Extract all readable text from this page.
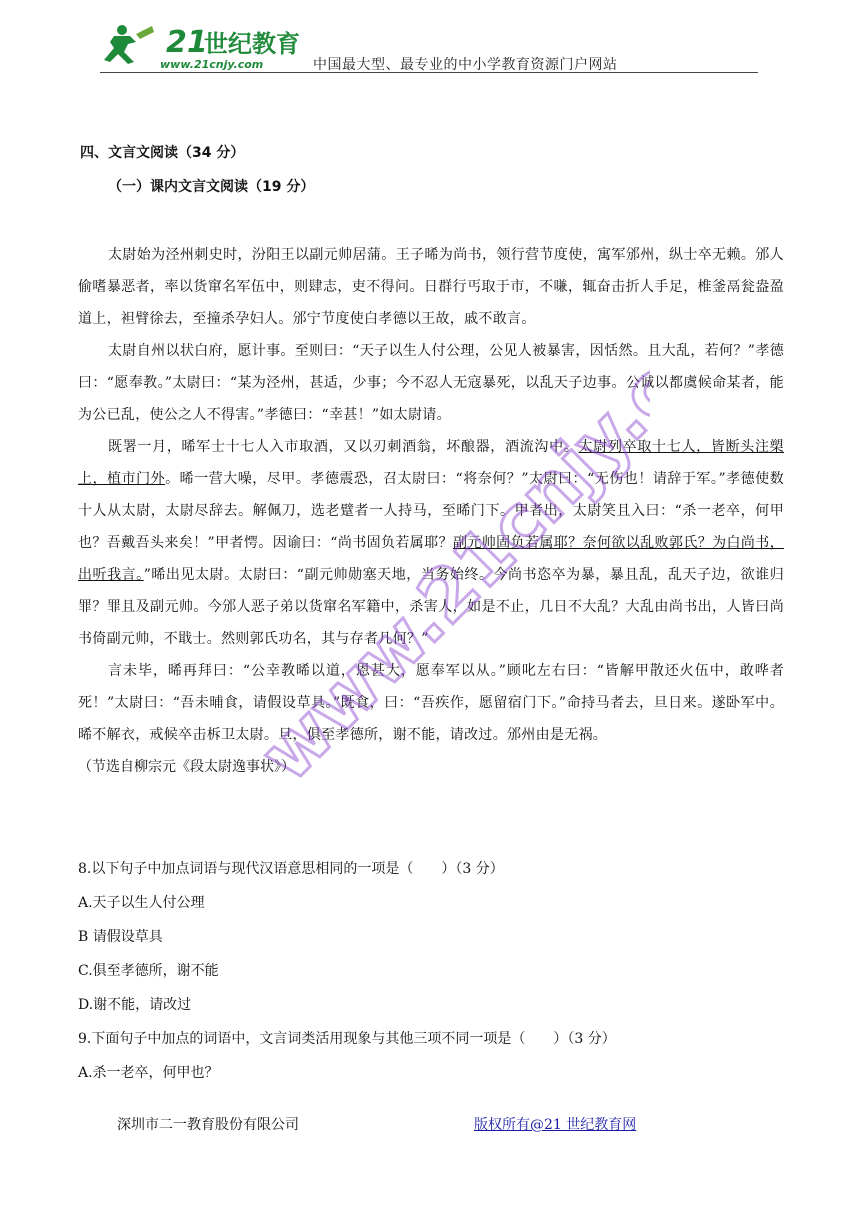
21
世纪教育
www.21cnjy.com	中国最大型、最专业的中小学教育资源门户网站
四、文言文阅读（34 分）
（一）课内文言文阅读（19 分）

太尉始为泾州刺史时，汾阳王以副元帅居蒲。王子晞为尚书，领行营节度使，寓军邠州，纵士卒无赖。邠人偷嗜暴恶者，率以货窜名军伍中，则肆志，吏不得问。日群行丐取于市，不嗛，辄奋击折人手足，椎釜鬲瓮盎盈道上，袒臂徐去，至撞杀孕妇人。邠宁节度使白孝德以王故，戚不敢言。

太尉自州以状白府，愿计事。至则曰：“天子以生人付公理，公见人被暴害，因恬然。且大乱，若何？”孝德曰：“愿奉教。”太尉曰：“某为泾州，甚适，少事；今不忍人无寇暴死，以乱天子边事。公诚以都虞候命某者，能为公已乱，使公之人不得害。”孝德曰：“幸甚！”如太尉请。

既署一月，晞军士十七人入市取酒，又以刃刺酒翁，坏酿器，酒流沟中。太尉列卒取十七人，皆断头注槊上，植市门外。晞一营大噪，尽甲。孝德震恐，召太尉曰：“将奈何？”太尉曰：“无伤也！请辞于军。”孝德使数十人从太尉，太尉尽辞去。解佩刀，选老躄者一人持马，至晞门下。甲者出，太尉笑且入曰：“杀一老卒，何甲也？吾戴吾头来矣！”甲者愕。因谕曰：“尚书固负若属耶？副元帅固负若属耶？奈何欲以乱败郭氏？为白尚书，出听我言。”晞出见太尉。太尉曰：“副元帅勋塞天地，当务始终。今尚书恣卒为暴，暴且乱，乱天子边，欲谁归罪？罪且及副元帅。今邠人恶子弟以货窜名军籍中，杀害人，如是不止，几日不大乱？大乱由尚书出，人皆曰尚书倚副元帅，不戢士。然则郭氏功名，其与存者几何？”

言未毕，晞再拜曰：“公幸教晞以道，恩甚大，愿奉军以从。”顾叱左右曰：“皆解甲散还火伍中，敢哗者死！”太尉曰：“吾未晡食，请假设草具。”既食，曰：“吾疾作，愿留宿门下。”命持马者去，旦日来。遂卧军中。晞不解衣，戒候卒击柝卫太尉。旦，俱至孝德所，谢不能，请改过。邠州由是无祸。

（节选自柳宗元《段太尉逸事状》）
8.以下句子中加点词语与现代汉语意思相同的一项是（　　）（3 分）
A.天子以生人付公理
B 请假设草具
C.俱至孝德所，谢不能
D.谢不能，请改过
9.下面句子中加点的词语中，文言词类活用现象与其他三项不同一项是（　　）（3 分）
A.杀一老卒，何甲也？
www.21cnjy.com
深圳市二一教育股份有限公司	版权所有@21 世纪教育网
